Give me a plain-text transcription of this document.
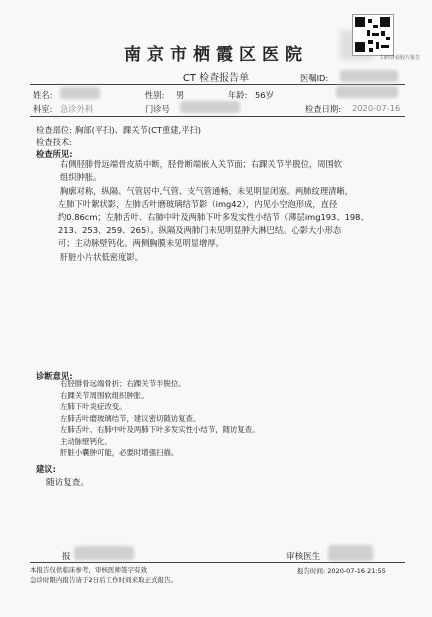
扫码查看胶片报告
南京市栖霞区医院
CT 检查报告单	医嘱ID:
姓名:	性别: 男	年龄: 56岁
科室: 急诊外科	门诊号	检查日期: 2020-07-16
检查部位: 胸部(平扫)、踝关节(CT重建,平扫)
检查技术:
检查所见:
右侧胫腓骨远端骨皮质中断，胫骨断端嵌入关节面；右踝关节半脱位，周围软
组织肿胀。
胸廓对称，纵隔、气管居中,气管、支气管通畅，未见明显闭塞。两肺纹理清晰，
左肺下叶絮状影，左肺舌叶磨玻璃结节影（img42），内见小空泡形成，直径
约0.86cm；左肺舌叶、右肺中叶及两肺下叶多发实性小结节（薄层img193、198、
213、253、259、265）。纵隔及两肺门未见明显肿大淋巴结。心影大小形态
可；主动脉壁钙化。两侧胸膜未见明显增厚。
肝脏小片状低密度影。
诊断意见:
右胫腓骨远端骨折；右踝关节半脱位。
右踝关节周围软组织肿胀。
左肺下叶炎症改变。
左肺舌叶磨玻璃结节，建议密切随访复查。
左肺舌叶、右肺中叶及两肺下叶多发实性小结节，随访复查。
主动脉壁钙化。
肝脏小囊肿可能，必要时增强扫描。
建议:
随访复查。
报	审核医生
本报告仅供临床参考，审核医师签字有效
急诊时限内报告请于2日后工作时间来取正式报告。
报告时间: 2020-07-16 21:55
